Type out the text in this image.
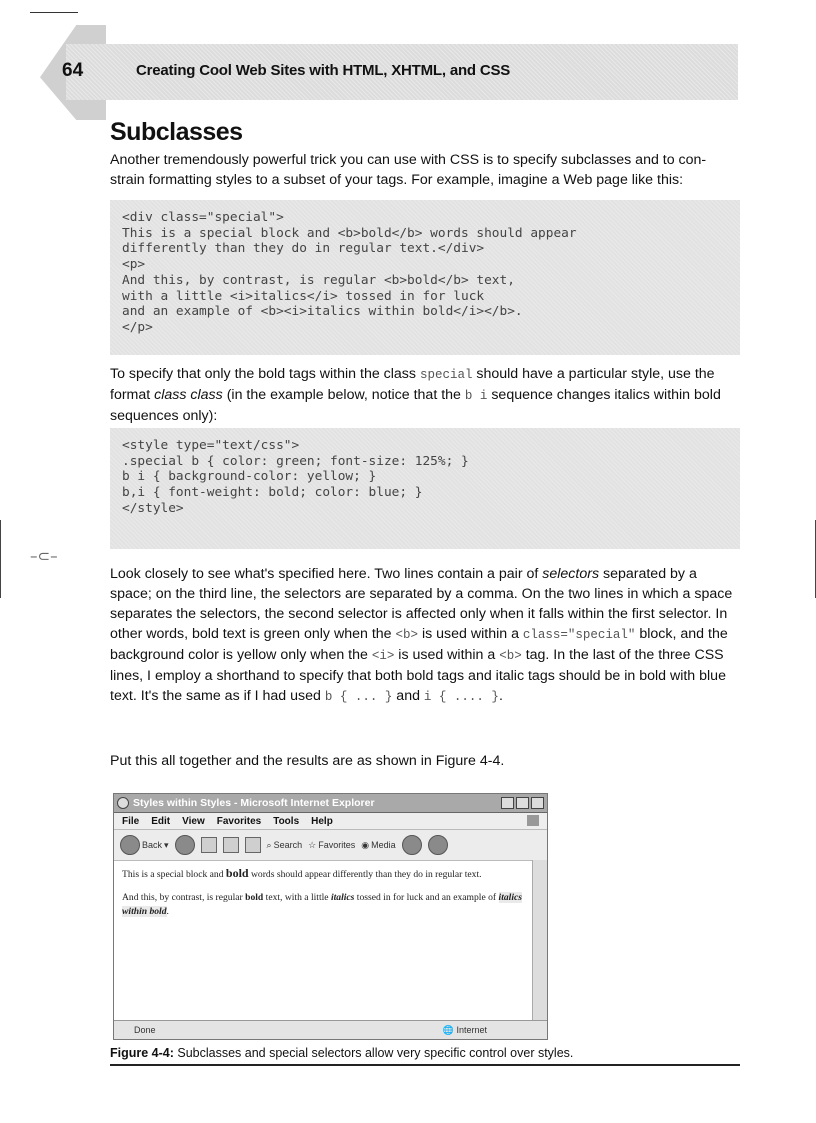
64	Creating Cool Web Sites with HTML, XHTML, and CSS
Subclasses

Another tremendously powerful trick you can use with CSS is to specify subclasses and to con-strain formatting styles to a subset of your tags. For example, imagine a Web page like this:

<div class="special">
This is a special block and <b>bold</b> words should appear
differently than they do in regular text.</div>
<p>
And this, by contrast, is regular <b>bold</b> text,
with a little <i>italics</i> tossed in for luck
and an example of <b><i>italics within bold</i></b>.
</p>

To specify that only the bold tags within the class special should have a particular style, use the format class class (in the example below, notice that the b i sequence changes italics within bold sequences only):

<style type="text/css">
.special b { color: green; font-size: 125%; }
b i { background-color: yellow; }
b,i { font-weight: bold; color: blue; }
</style>
–⊂–

Look closely to see what's specified here. Two lines contain a pair of selectors separated by a space; on the third line, the selectors are separated by a comma. On the two lines in which a space separates the selectors, the second selector is affected only when it falls within the first selector. In other words, bold text is green only when the <b> is used within a class="special" block, and the background color is yellow only when the <i> is used within a <b> tag. In the last of the three CSS lines, I employ a shorthand to specify that both bold tags and italic tags should be in bold with blue text. It's the same as if I had used b { ... } and i { .... }.

Put this all together and the results are as shown in Figure 4-4.

Styles within Styles - Microsoft Internet Explorer
File Edit View Favorites Tools Help
Back ▾	⌕ Search ☆ Favorites ◉ Media

This is a special block and bold words should appear differently than they do in regular text.

And this, by contrast, is regular bold text, with a little italics tossed in for luck and an example of italics within bold.

Done	🌐 Internet
Figure 4-4: Subclasses and special selectors allow very specific control over styles.
